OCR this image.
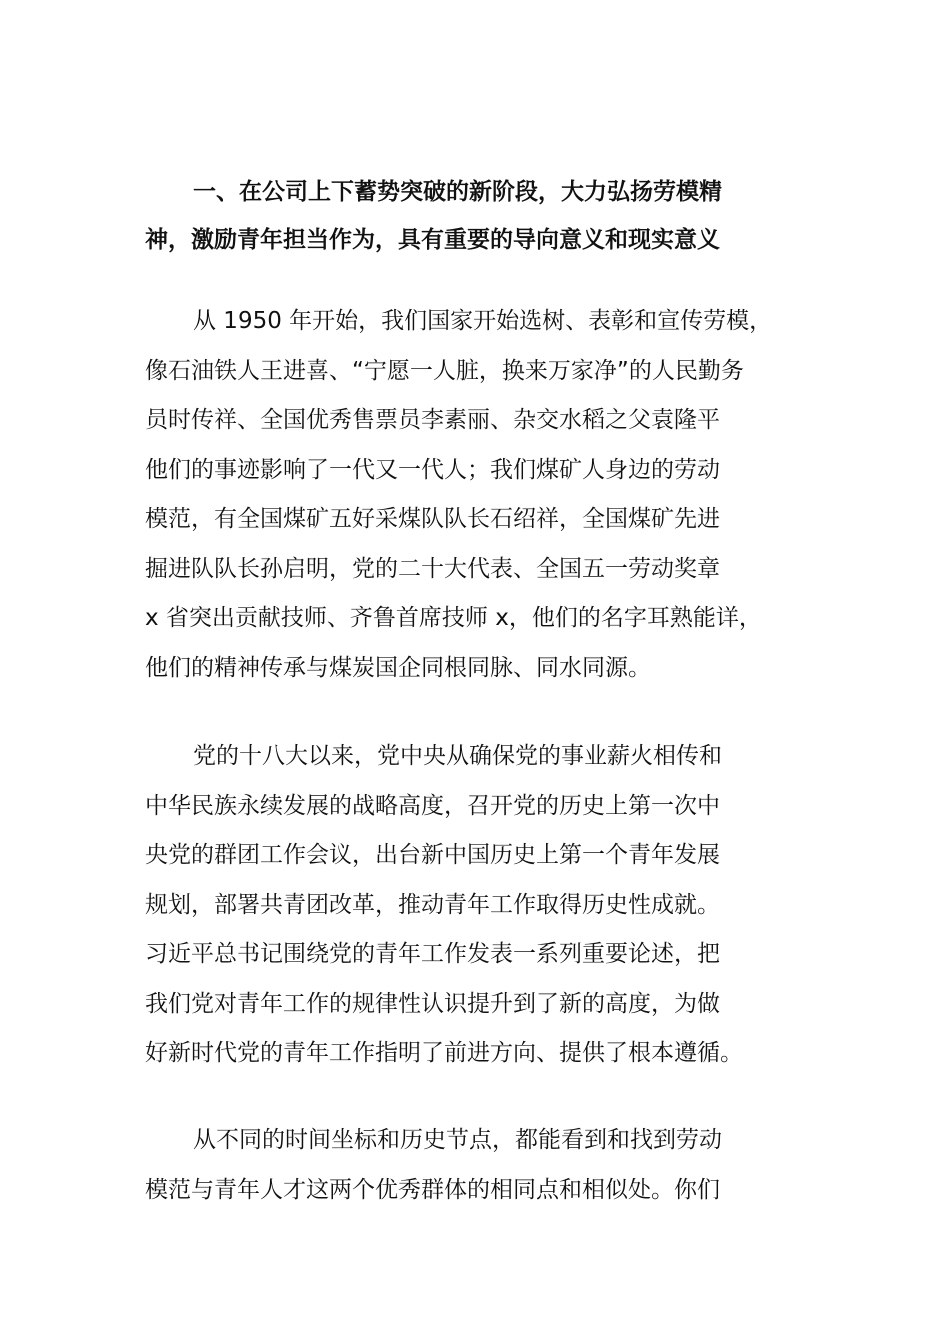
一、在公司上下蓄势突破的新阶段，大力弘扬劳模精
神，激励青年担当作为，具有重要的导向意义和现实意义
从 1950 年开始，我们国家开始选树、表彰和宣传劳模，
像石油铁人王进喜、“宁愿一人脏，换来万家净”的人民勤务
员时传祥、全国优秀售票员李素丽、杂交水稻之父袁隆平
他们的事迹影响了一代又一代人；我们煤矿人身边的劳动
模范，有全国煤矿五好采煤队队长石绍祥，全国煤矿先进
掘进队队长孙启明，党的二十大代表、全国五一劳动奖章
x 省突出贡献技师、齐鲁首席技师 x，他们的名字耳熟能详，
他们的精神传承与煤炭国企同根同脉、同水同源。
党的十八大以来，党中央从确保党的事业薪火相传和
中华民族永续发展的战略高度，召开党的历史上第一次中
央党的群团工作会议，出台新中国历史上第一个青年发展
规划，部署共青团改革，推动青年工作取得历史性成就。
习近平总书记围绕党的青年工作发表一系列重要论述，把
我们党对青年工作的规律性认识提升到了新的高度，为做
好新时代党的青年工作指明了前进方向、提供了根本遵循。
从不同的时间坐标和历史节点，都能看到和找到劳动
模范与青年人才这两个优秀群体的相同点和相似处。你们
